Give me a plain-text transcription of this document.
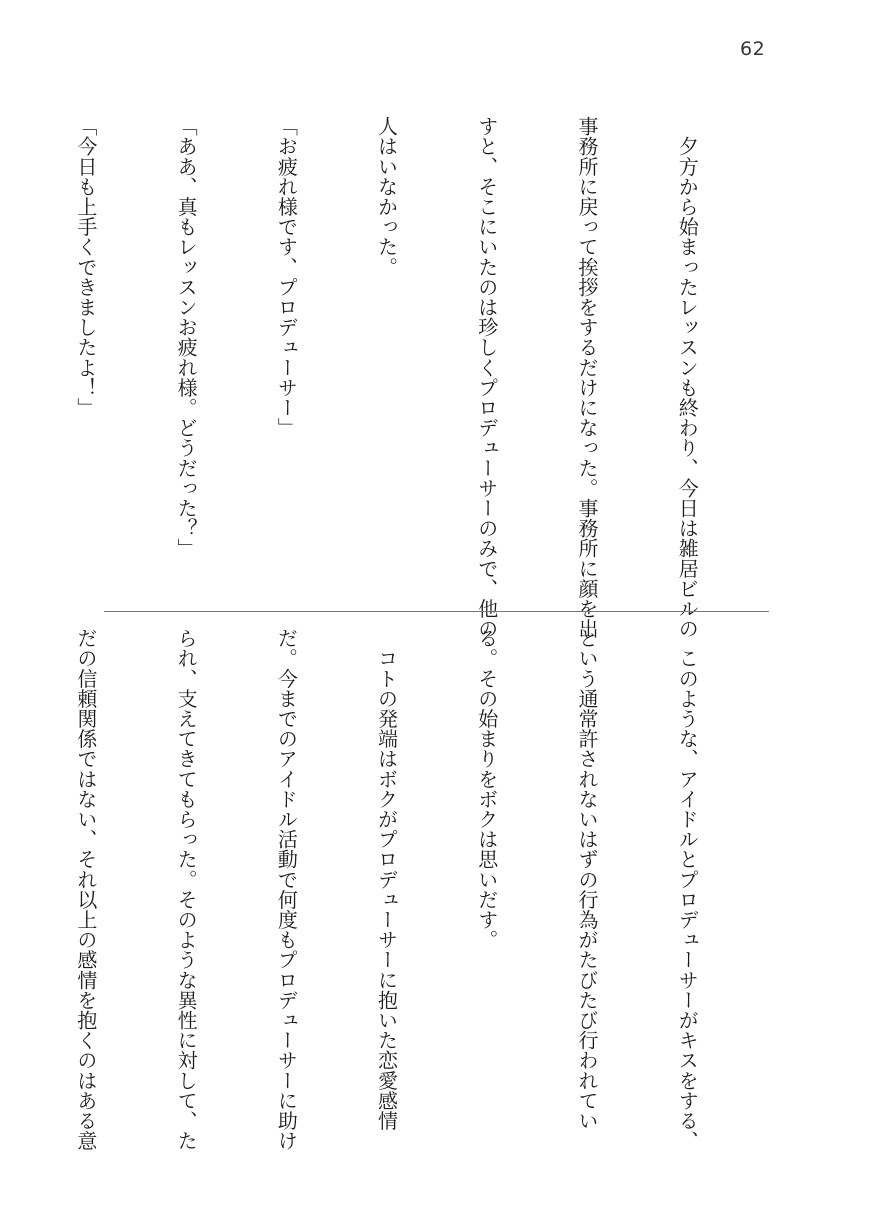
62

　夕方から始まったレッスンも終わり、今日は雑居ビルの

事務所に戻って挨拶をするだけになった。事務所に顔を出

すと、そこにいたのは珍しくプロデューサーのみで、他の

人はいなかった。

「お疲れ様です、プロデューサー」

「ああ、真もレッスンお疲れ様。どうだった？」

「今日も上手くできましたよ！」

　このような、アイドルとプロデューサーがキスをする、

という通常許されないはずの行為がたびたび行われてい

る。その始まりをボクは思いだす。

　コトの発端はボクがプロデューサーに抱いた恋愛感情

だ。今までのアイドル活動で何度もプロデューサーに助け

られ、支えてきてもらった。そのような異性に対して、た

だの信頼関係ではない、それ以上の感情を抱くのはある意
